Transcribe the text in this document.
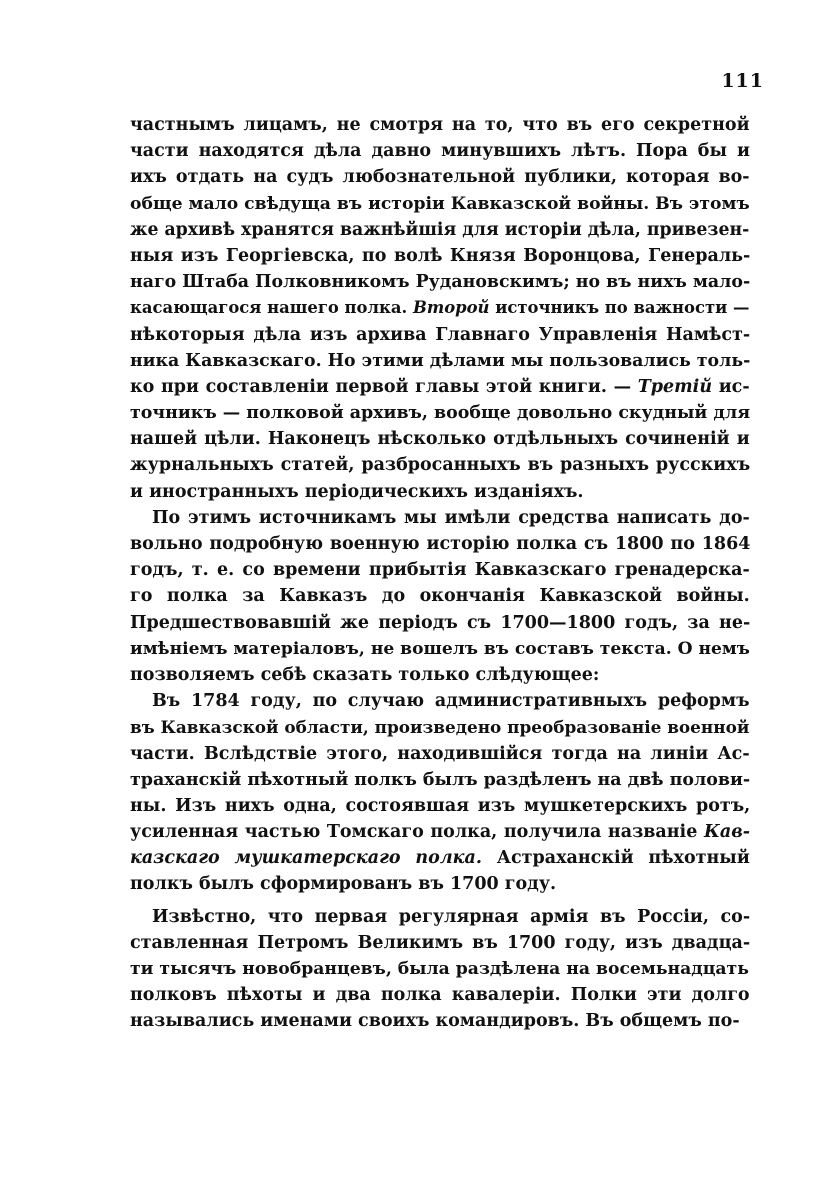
111
частнымъ лицамъ, не смотря на то, что въ его секретной
части находятся дѣла давно минувшихъ лѣтъ. Пора бы и
ихъ отдать на судъ любознательной публики, которая во-
обще мало свѣдуща въ исторіи Кавказской войны. Въ этомъ
же архивѣ хранятся важнѣйшія для исторіи дѣла, привезен-
ныя изъ Георгіевска, по волѣ Князя Воронцова, Генераль-
наго Штаба Полковникомъ Рудановскимъ; но въ нихъ мало-
касающагося нашего полка. Второй источникъ по важности —
нѣкоторыя дѣла изъ архива Главнаго Управленія Намѣст-
ника Кавказскаго. Но этими дѣлами мы пользовались толь-
ко при составленіи первой главы этой книги. — Третій ис-
точникъ — полковой архивъ, вообще довольно скудный для
нашей цѣли. Наконецъ нѣсколько отдѣльныхъ сочиненій и
журнальныхъ статей, разбросанныхъ въ разныхъ русскихъ
и иностранныхъ періодическихъ изданіяхъ.
По этимъ источникамъ мы имѣли средства написать до-
вольно подробную военную исторію полка съ 1800 по 1864
годъ, т. е. со времени прибытія Кавказскаго гренадерска-
го полка за Кавказъ до окончанія Кавказской войны.
Предшествовавшій же періодъ съ 1700—1800 годъ, за не-
имѣніемъ матеріаловъ, не вошелъ въ составъ текста. О немъ
позволяемъ себѣ сказать только слѣдующее:
Въ 1784 году, по случаю административныхъ реформъ
въ Кавказской области, произведено преобразованіе военной
части. Вслѣдствіе этого, находившійся тогда на линіи Ас-
траханскій пѣхотный полкъ былъ раздѣленъ на двѣ полови-
ны. Изъ нихъ одна, состоявшая изъ мушкетерскихъ ротъ,
усиленная частью Томскаго полка, получила названіе Кав-
казскаго мушкатерскаго полка. Астраханскій пѣхотный
полкъ былъ сформированъ въ 1700 году.
Извѣстно, что первая регулярная армія въ Россіи, со-
ставленная Петромъ Великимъ въ 1700 году, изъ двадца-
ти тысячъ новобранцевъ, была раздѣлена на восемьнадцать
полковъ пѣхоты и два полка кавалеріи. Полки эти долго
назывались именами своихъ командировъ. Въ общемъ по-
